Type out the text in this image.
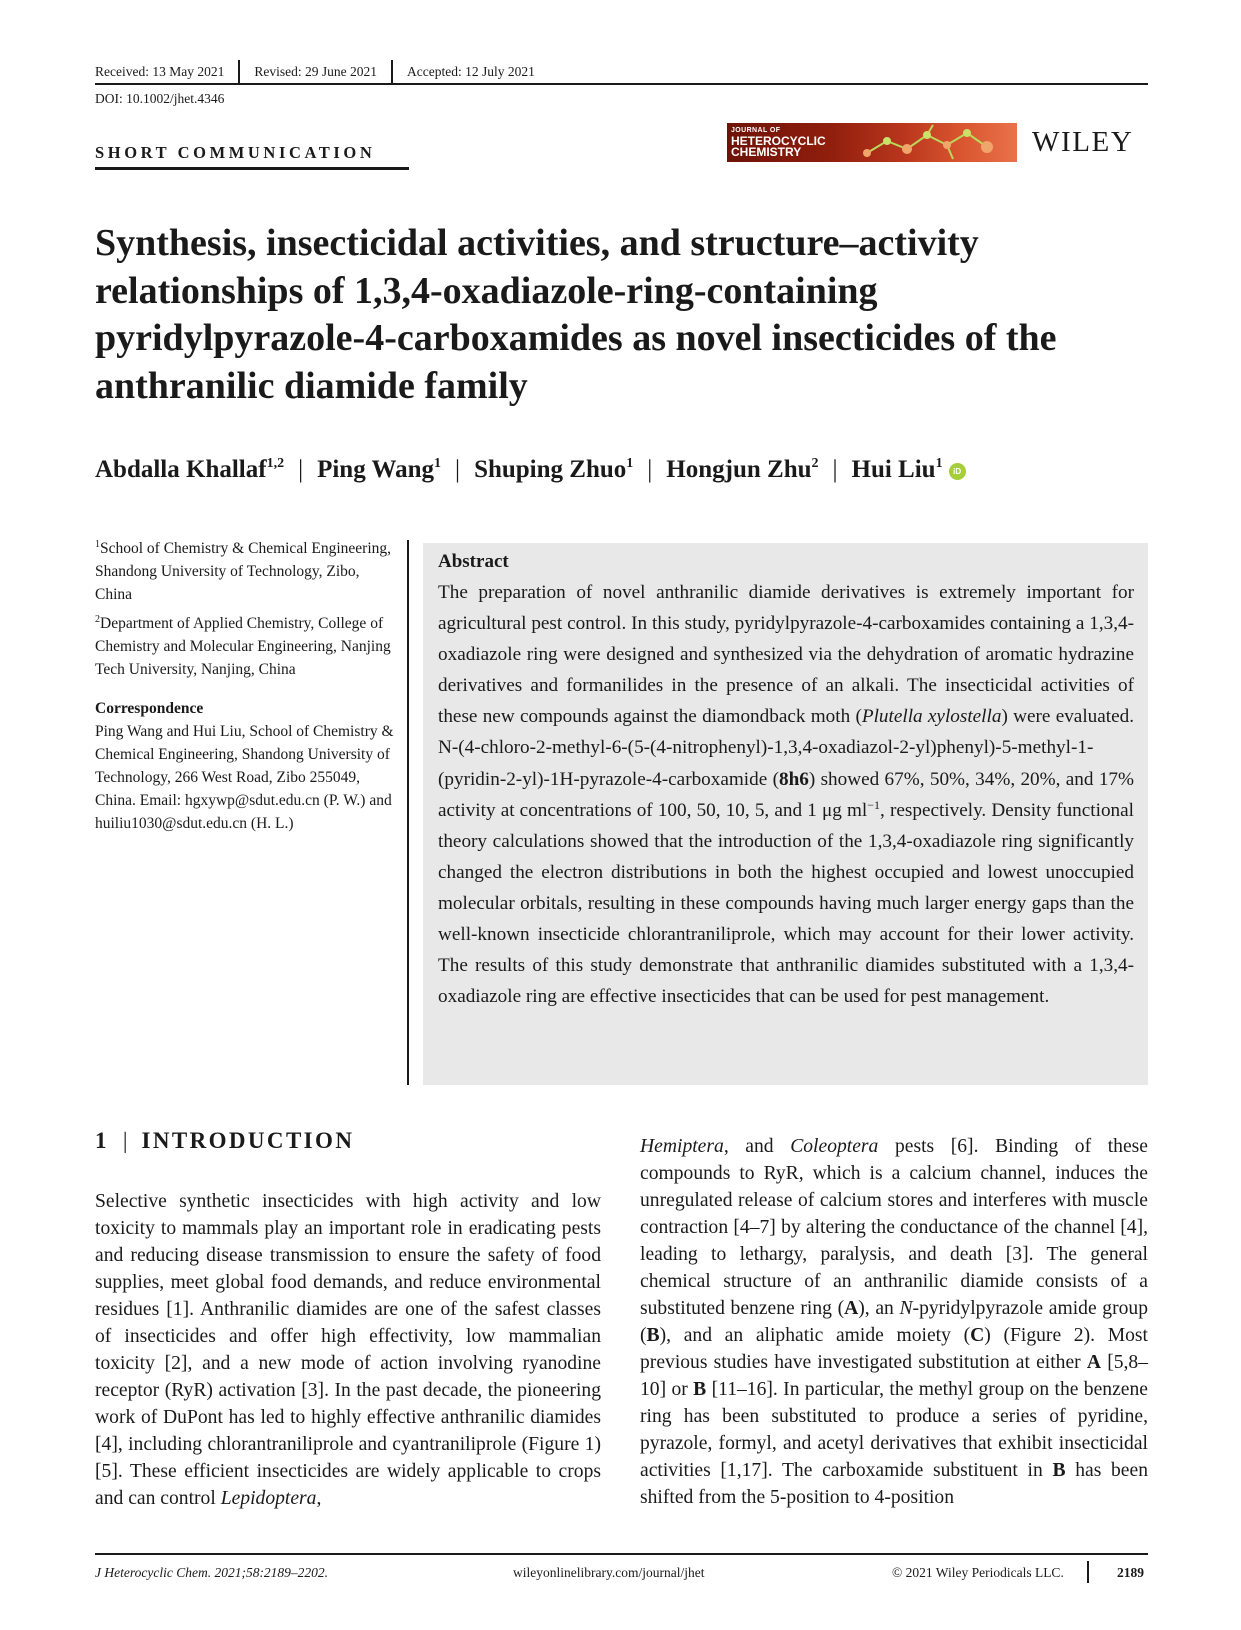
Received: 13 May 2021	Revised: 29 June 2021	Accepted: 12 July 2021
DOI: 10.1002/jhet.4346
SHORT COMMUNICATION
JOURNAL OF
HETEROCYCLIC
CHEMISTRY	WILEY
Synthesis, insecticidal activities, and structure–activity relationships of 1,3,4-oxadiazole-ring-containing pyridylpyrazole-4-carboxamides as novel insecticides of the anthranilic diamide family
Abdalla Khallaf$^{1,2}$ | Ping Wang$^1$ | Shuping Zhuo$^1$ | Hongjun Zhu$^2$ | Hui Liu$^1$iD

$^1$School of Chemistry & Chemical Engineering, Shandong University of Technology, Zibo, China

$^2$Department of Applied Chemistry, College of Chemistry and Molecular Engineering, Nanjing Tech University, Nanjing, China

Correspondence

Ping Wang and Hui Liu, School of Chemistry & Chemical Engineering, Shandong University of Technology, 266 West Road, Zibo 255049, China. Email: hgxywp@sdut.edu.cn (P. W.) and huiliu1030@sdut.edu.cn (H. L.)

Abstract

The preparation of novel anthranilic diamide derivatives is extremely important for agricultural pest control. In this study, pyridylpyrazole-4-carboxamides containing a 1,3,4-oxadiazole ring were designed and synthesized via the dehydration of aromatic hydrazine derivatives and formanilides in the presence of an alkali. The insecticidal activities of these new compounds against the diamondback moth (Plutella xylostella) were evaluated. N-(4-chloro-2-methyl-6-(5-(4-nitrophenyl)-1,3,4-oxadiazol-2-yl)phenyl)-5-methyl-1-(pyridin-2-yl)-1H-pyrazole-4-carboxamide (8h6) showed 67%, 50%, 34%, 20%, and 17% activity at concentrations of 100, 50, 10, 5, and 1 μg $ml^{-1}$, respectively. Density functional theory calculations showed that the introduction of the 1,3,4-oxadiazole ring significantly changed the electron distributions in both the highest occupied and lowest unoccupied molecular orbitals, resulting in these compounds having much larger energy gaps than the well-known insecticide chlorantraniliprole, which may account for their lower activity. The results of this study demonstrate that anthranilic diamides substituted with a 1,3,4-oxadiazole ring are effective insecticides that can be used for pest management.

1 | INTRODUCTION

Selective synthetic insecticides with high activity and low toxicity to mammals play an important role in eradicating pests and reducing disease transmission to ensure the safety of food supplies, meet global food demands, and reduce environmental residues [1]. Anthranilic diamides are one of the safest classes of insecticides and offer high effectivity, low mammalian toxicity [2], and a new mode of action involving ryanodine receptor (RyR) activation [3]. In the past decade, the pioneering work of DuPont has led to highly effective anthranilic diamides [4], including chlorantraniliprole and cyantraniliprole (Figure 1) [5]. These efficient insecticides are widely applicable to crops and can control Lepidoptera,

Hemiptera, and Coleoptera pests [6]. Binding of these compounds to RyR, which is a calcium channel, induces the unregulated release of calcium stores and interferes with muscle contraction [4–7] by altering the conductance of the channel [4], leading to lethargy, paralysis, and death [3]. The general chemical structure of an anthranilic diamide consists of a substituted benzene ring (A), an N-pyridylpyrazole amide group (B), and an aliphatic amide moiety (C) (Figure 2). Most previous studies have investigated substitution at either A [5,8–10] or B [11–16]. In particular, the methyl group on the benzene ring has been substituted to produce a series of pyridine, pyrazole, formyl, and acetyl derivatives that exhibit insecticidal activities [1,17]. The carboxamide substituent in B has been shifted from the 5-position to 4-position

J Heterocyclic Chem. 2021;58:2189–2202.	wileyonlinelibrary.com/journal/jhet	© 2021 Wiley Periodicals LLC.	2189
